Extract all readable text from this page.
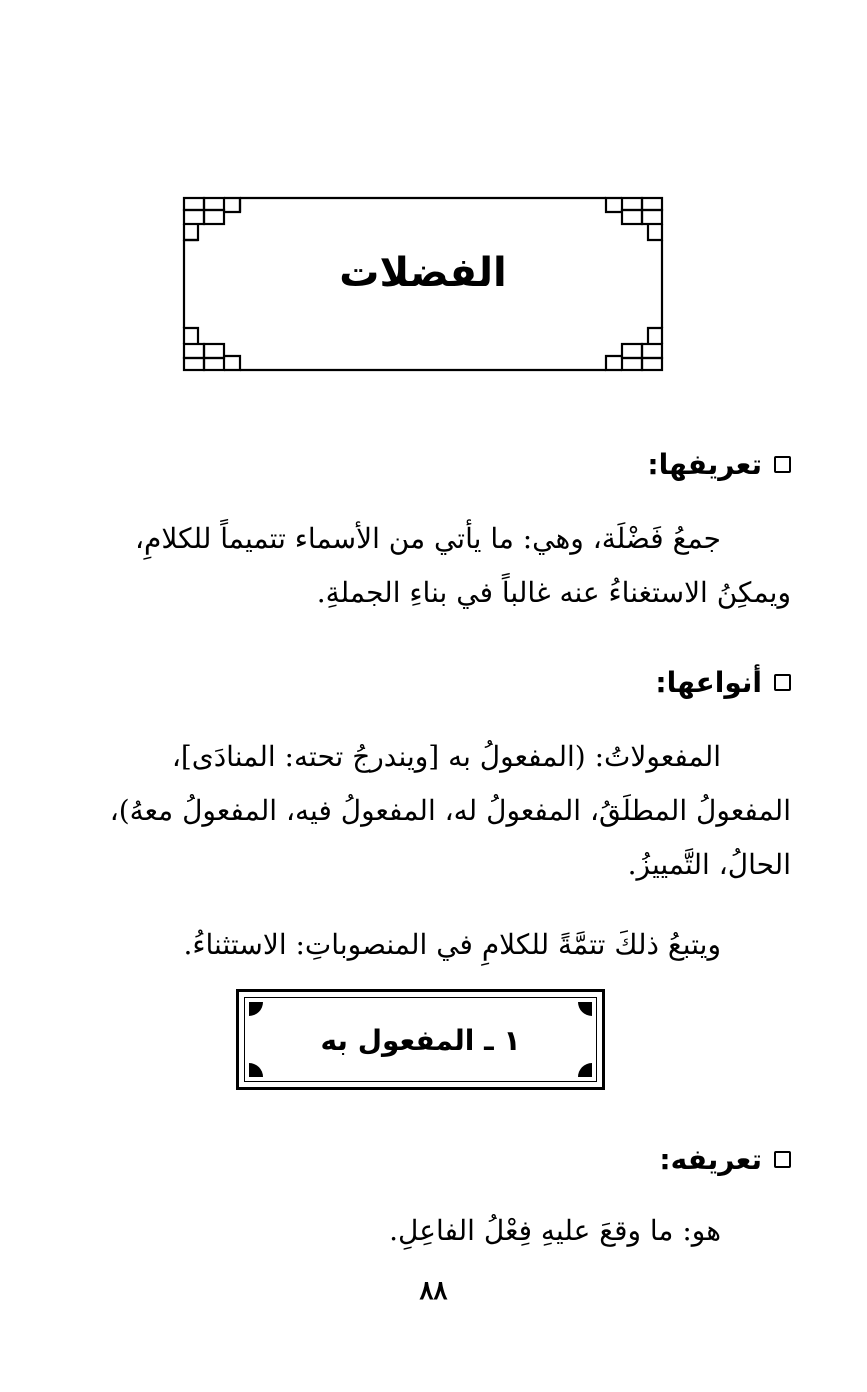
الفضلات
تعريفها:
جمعُ فَضْلَة، وهي: ما يأتي من الأسماء تتميماً للكلامِ،
ويمكِنُ الاستغناءُ عنه غالباً في بناءِ الجملةِ.
أنواعها:
المفعولاتُ: (المفعولُ به [ويندرجُ تحته: المنادَى]،
المفعولُ المطلَقُ، المفعولُ له، المفعولُ فيه، المفعولُ معهُ)،
الحالُ، التَّمييزُ.
ويتبعُ ذلكَ تتمَّةً للكلامِ في المنصوباتِ: الاستثناءُ.
١ ـ المفعول به
تعريفه:
هو: ما وقعَ عليهِ فِعْلُ الفاعِلِ.
٨٨
